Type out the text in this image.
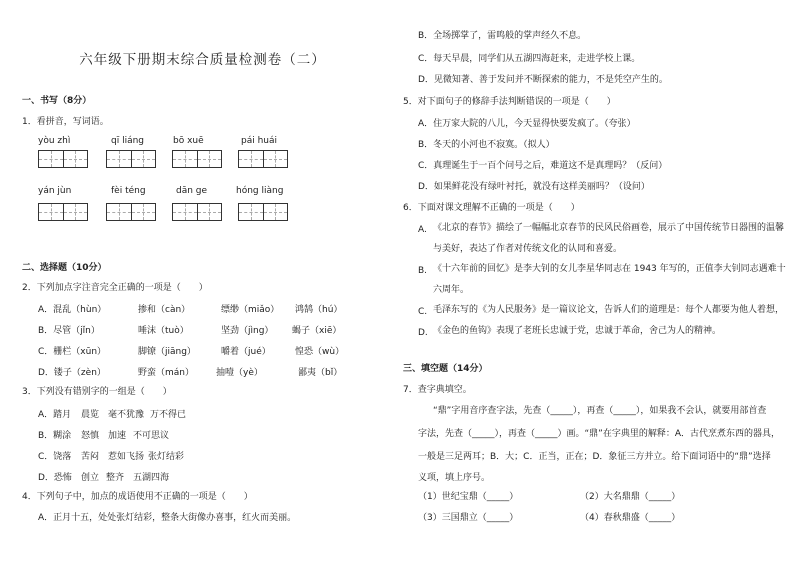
六年级下册期末综合质量检测卷（二）
一、书写（8分）
1．看拼音，写词语。
yòu zhì	qī liáng	bō xuē	pái huái
yán jùn	fèi téng	dān ge	hóng liàng
二、选择题（10分）
2．下列加点字注音完全正确的一项是（　　）
A．混乱（hùn）	掺和（càn）	缥缈（miǎo） 鸿鹄（hú）
B．尽管（jǐn）	唾沫（tuò）	坚劲（jìng） 蝎子（xiē）
C．栅栏（xūn）	脚镣（jiāng）	嚼着（jué）	惶恐（wù）
D．镂子（zèn）	野蛮（mán） 抽噎（yè）	鄙夷（bǐ）
3．下列没有错别字的一组是（　　）
A．踏月 晨览 毫不犹豫 万不得已
B．糊涂 怒慎 加速 不可思议
C．饶落 苦闷 惹如飞扬 张灯结彩
D．恐怖 创立 整齐 五湖四海
4．下列句子中，加点的成语使用不正确的一项是（　　）
A．正月十五，处处张灯结彩，整条大街像办喜事，红火而美丽。
B．全场掷掌了，雷鸣般的掌声经久不息。
C．每天早晨，同学们从五湖四海赶来，走进学校上课。
D．见微知著、善于发问并不断探索的能力，不是凭空产生的。
5．对下面句子的修辞手法判断错误的一项是（　　）
A．住万家大院的八儿，今天显得快要发疯了。（夸张）
B．冬天的小河也不寂寞。（拟人）
C．真理诞生于一百个问号之后，难道这不是真理吗？（反问）
D．如果鲜花没有绿叶衬托，就没有这样美丽吗？（设问）
6．下面对课文理解不正确的一项是（　　）
A. 《北京的春节》描绘了一幅幅北京春节的民风民俗画卷，展示了中国传统节日器围的温馨
与美好，表达了作者对传统文化的认同和喜爱。
B. 《十六年前的回忆》是李大钊的女儿李星华同志在 1943 年写的，正值李大钊同志遇难十
六周年。
C. 毛泽东写的《为人民服务》是一篇议论文，告诉人们的道理是：每个人都要为他人着想，
D. 《金色的鱼钩》表现了老班长忠诚于党，忠诚于革命，舍己为人的精神。
三、填空题（14分）
7．查字典填空。
“鼎”字用音序查字法，先查（_____），再查（_____），如果我不会认，就要用部首查
字法，先查（_____），再查（_____）画。“鼎”在字典里的解释：A．古代烹煮东西的器具，
一般是三足两耳；B．大；C．正当，正在；D．象征三方并立。给下面词语中的“鼎”选择
义项，填上序号。
（1）世纪宝鼎（_____）	（2）大名鼎鼎（_____）
（3）三国鼎立（_____）	（4）春秋鼎盛（_____）
